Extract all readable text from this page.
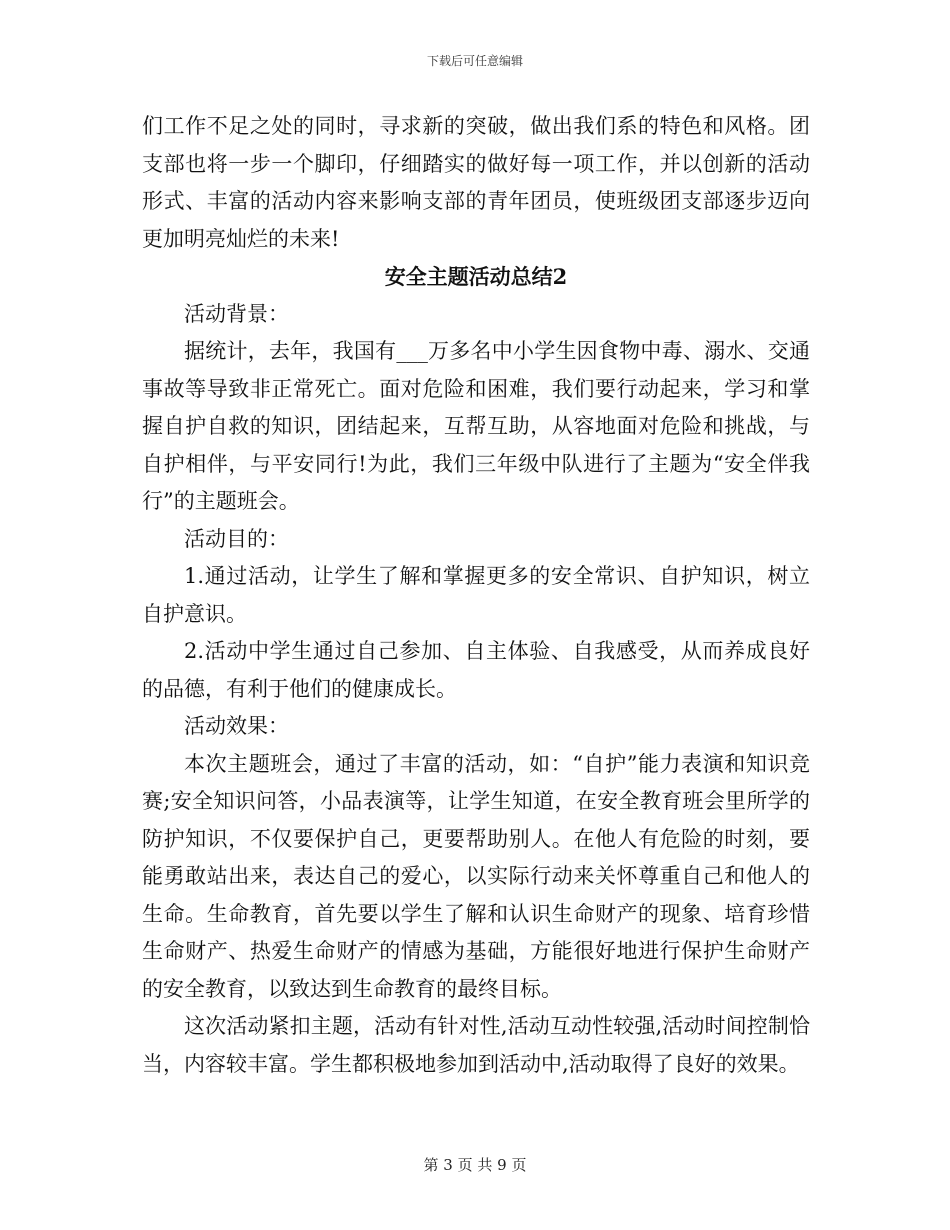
下载后可任意编辑

们工作不足之处的同时，寻求新的突破，做出我们系的特色和风格。团支部也将一步一个脚印，仔细踏实的做好每一项工作，并以创新的活动形式、丰富的活动内容来影响支部的青年团员，使班级团支部逐步迈向更加明亮灿烂的未来!

安全主题活动总结2

活动背景：

据统计，去年，我国有___万多名中小学生因食物中毒、溺水、交通事故等导致非正常死亡。面对危险和困难，我们要行动起来，学习和掌握自护自救的知识，团结起来，互帮互助，从容地面对危险和挑战，与自护相伴，与平安同行!为此，我们三年级中队进行了主题为“安全伴我行”的主题班会。

活动目的：

1.通过活动，让学生了解和掌握更多的安全常识、自护知识，树立自护意识。

2.活动中学生通过自己参加、自主体验、自我感受，从而养成良好的品德，有利于他们的健康成长。

活动效果：

本次主题班会，通过了丰富的活动，如：“自护”能力表演和知识竞赛;安全知识问答，小品表演等，让学生知道，在安全教育班会里所学的防护知识，不仅要保护自己，更要帮助别人。在他人有危险的时刻，要能勇敢站出来，表达自己的爱心，以实际行动来关怀尊重自己和他人的生命。生命教育，首先要以学生了解和认识生命财产的现象、培育珍惜生命财产、热爱生命财产的情感为基础，方能很好地进行保护生命财产的安全教育，以致达到生命教育的最终目标。

这次活动紧扣主题，活动有针对性,活动互动性较强,活动时间控制恰当，内容较丰富。学生都积极地参加到活动中,活动取得了良好的效果。

第 3 页 共 9 页
